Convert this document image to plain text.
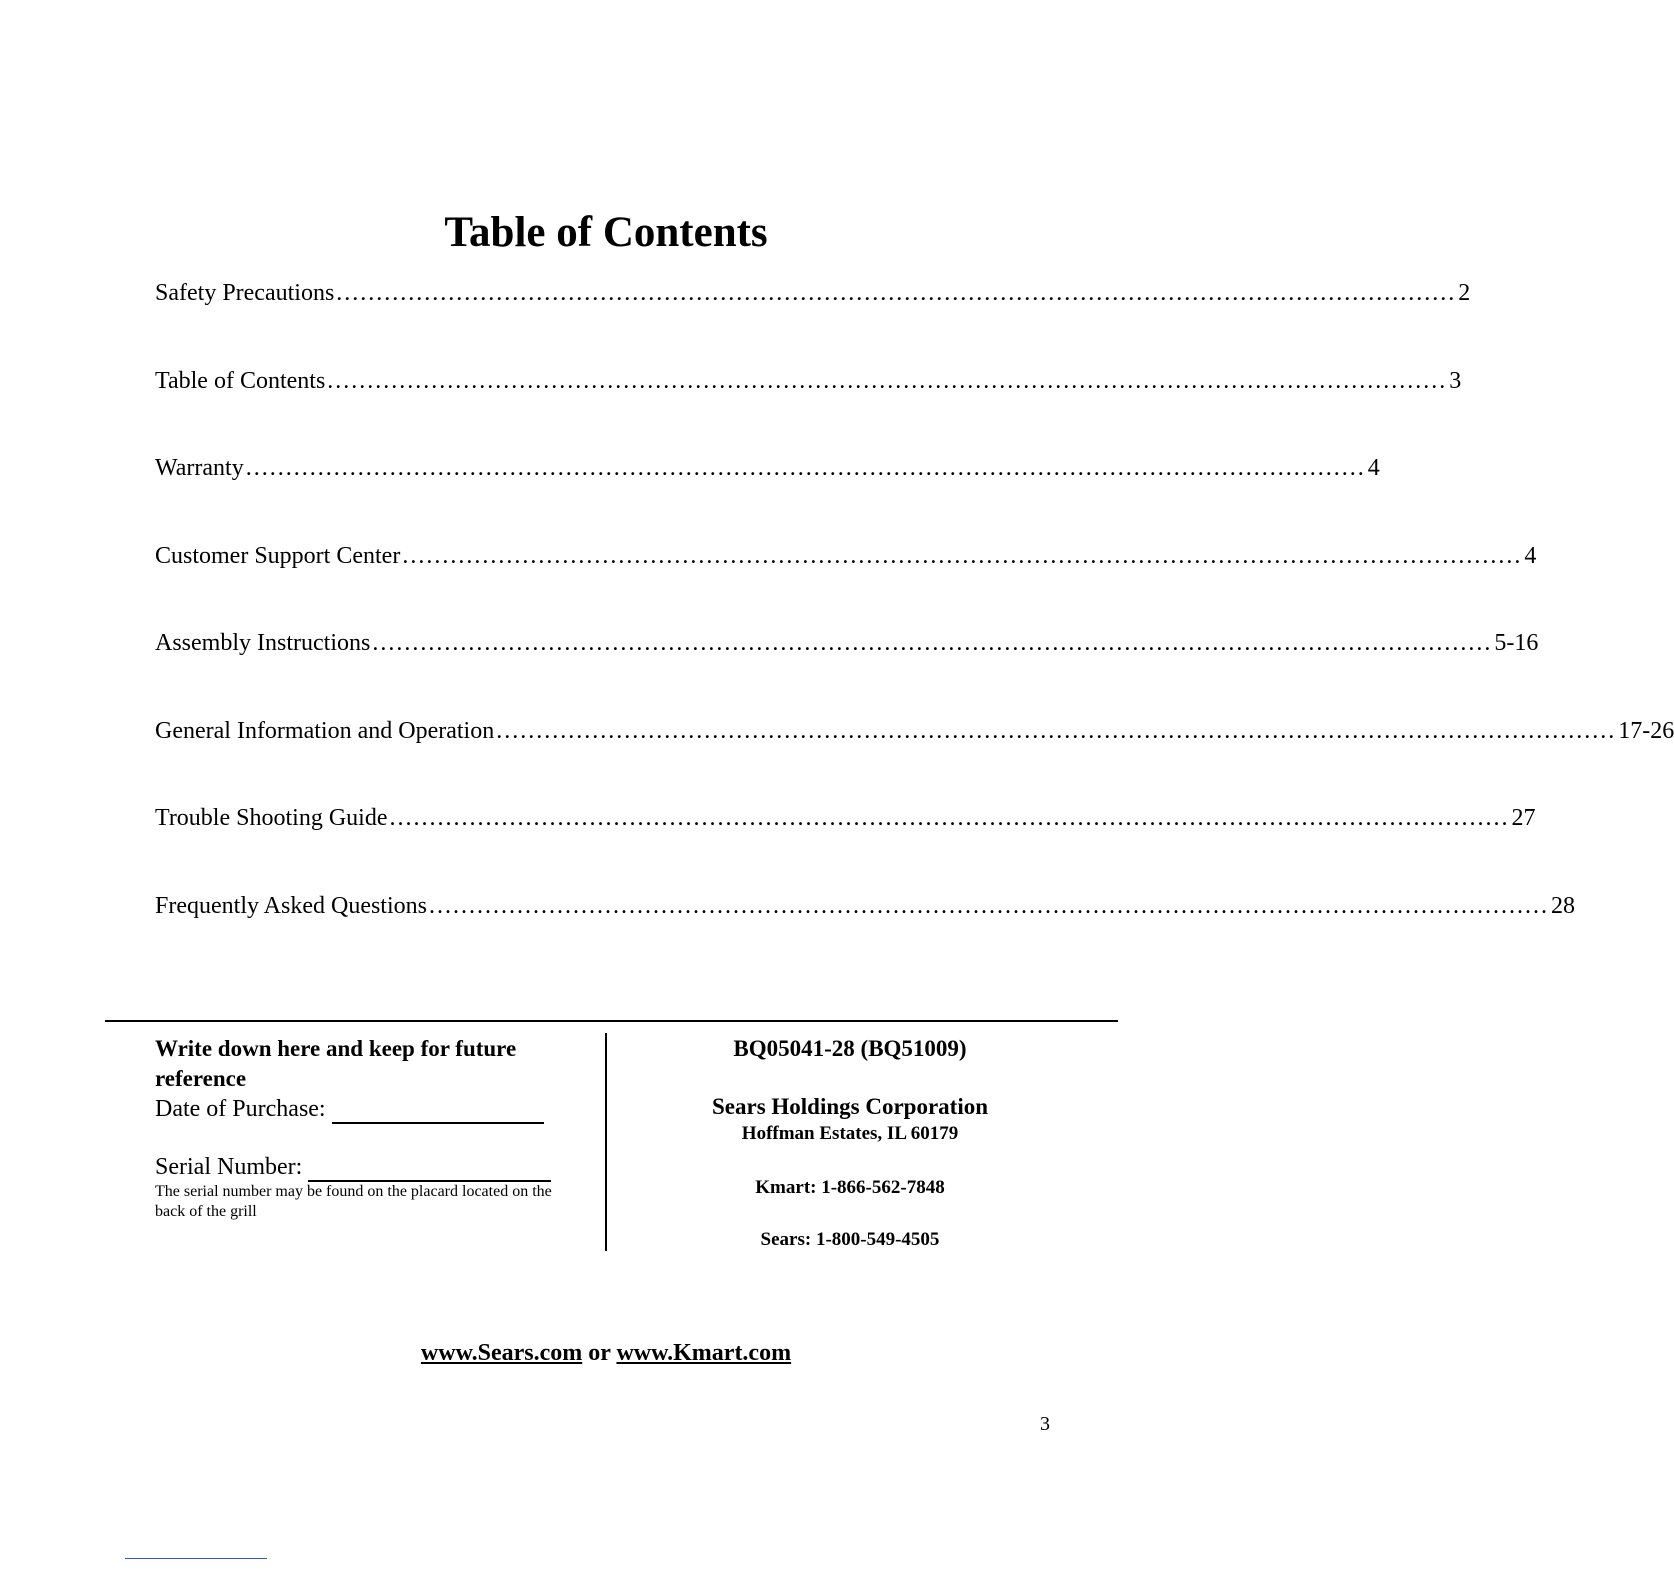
Table of Contents
Safety Precautions ............................................................................................................................................ 2
Table of Contents ............................................................................................................................................ 3
Warranty ............................................................................................................................................ 4
Customer Support Center ............................................................................................................................................ 4
Assembly Instructions ............................................................................................................................................ 5-16
General Information and Operation ............................................................................................................................................ 17-26
Trouble Shooting Guide ............................................................................................................................................ 27
Frequently Asked Questions ............................................................................................................................................ 28
Write down here and keep for future reference
Date of Purchase:
Serial Number:
The serial number may be found on the placard located on the back of the grill
BQ05041-28 (BQ51009)
Sears Holdings Corporation
Hoffman Estates, IL 60179
Kmart: 1-866-562-7848
Sears: 1-800-549-4505
www.Sears.com or www.Kmart.com
3
